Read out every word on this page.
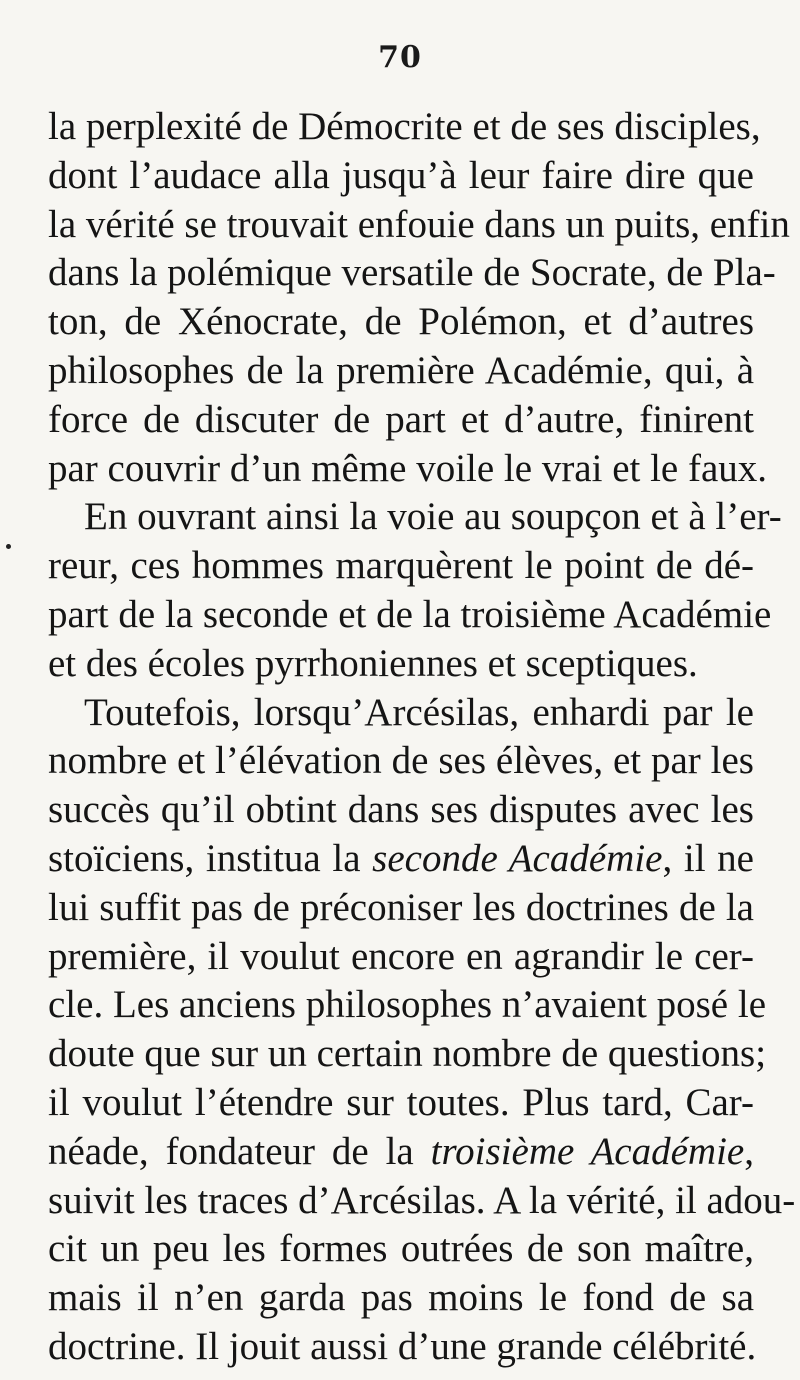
70
la perplexité de Démocrite et de ses disciples,
dont l’audace alla jusqu’à leur faire dire que
la vérité se trouvait enfouie dans un puits, enfin
dans la polémique versatile de Socrate, de Pla-
ton, de Xénocrate, de Polémon, et d’autres
philosophes de la première Académie, qui, à
force de discuter de part et d’autre, finirent
par couvrir d’un même voile le vrai et le faux.
En ouvrant ainsi la voie au soupçon et à l’er-
reur, ces hommes marquèrent le point de dé-
part de la seconde et de la troisième Académie
et des écoles pyrrhoniennes et sceptiques.
Toutefois, lorsqu’Arcésilas, enhardi par le
nombre et l’élévation de ses élèves, et par les
succès qu’il obtint dans ses disputes avec les
stoïciens, institua la seconde Académie, il ne
lui suffit pas de préconiser les doctrines de la
première, il voulut encore en agrandir le cer-
cle. Les anciens philosophes n’avaient posé le
doute que sur un certain nombre de questions;
il voulut l’étendre sur toutes. Plus tard, Car-
néade, fondateur de la troisième Académie,
suivit les traces d’Arcésilas. A la vérité, il adou-
cit un peu les formes outrées de son maître,
mais il n’en garda pas moins le fond de sa
doctrine. Il jouit aussi d’une grande célébrité.
